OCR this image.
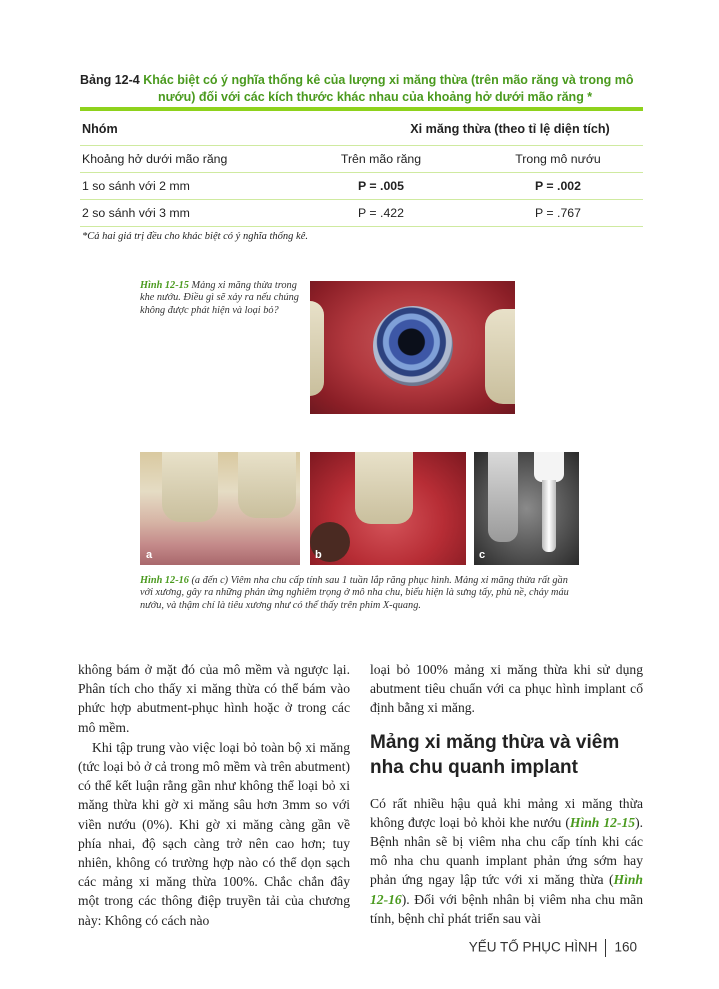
Bảng 12-4 Khác biệt có ý nghĩa thống kê của lượng xi măng thừa (trên mão răng và trong mô
nướu) đối với các kích thước khác nhau của khoảng hở dưới mão răng *
Nhóm	Xi măng thừa (theo tỉ lệ diện tích)	
Khoảng hở dưới mão răng	Trên mão răng	Trong mô nướu
1 so sánh với 2 mm	P = .005	P = .002
2 so sánh với 3 mm	P = .422	P = .767
*Cả hai giá trị đều cho khác biệt có ý nghĩa thống kê.
Hình 12-15 Mảng xi măng thừa trong khe nướu. Điều gì sẽ xảy ra nếu chúng không được phát hiện và loại bỏ?
a	b	c
Hình 12-16 (a đến c) Viêm nha chu cấp tính sau 1 tuần lắp răng phục hình. Mảng xi măng thừa rất gần với xương, gây ra những phản ứng nghiêm trọng ở mô nha chu, biểu hiện là sưng tấy, phù nề, chảy máu nướu, và thậm chí là tiêu xương như có thể thấy trên phim X-quang.

không bám ở mặt đó của mô mềm và ngược lại. Phân tích cho thấy xi măng thừa có thể bám vào phức hợp abutment-phục hình hoặc ở trong các mô mềm.

Khi tập trung vào việc loại bỏ toàn bộ xi măng (tức loại bỏ ở cả trong mô mềm và trên abutment) có thể kết luận rằng gần như không thể loại bỏ xi măng thừa khi gờ xi măng sâu hơn 3mm so với viền nướu (0%). Khi gờ xi măng càng gần về phía nhai, độ sạch càng trở nên cao hơn; tuy nhiên, không có trường hợp nào có thể dọn sạch các mảng xi măng thừa 100%. Chắc chắn đây một trong các thông điệp truyền tải của chương này: Không có cách nào

loại bỏ 100% mảng xi măng thừa khi sử dụng abutment tiêu chuẩn với ca phục hình implant cố định bằng xi măng.

Mảng xi măng thừa và viêm nha chu quanh implant

Có rất nhiều hậu quả khi mảng xi măng thừa không được loại bỏ khỏi khe nướu (Hình 12-15). Bệnh nhân sẽ bị viêm nha chu cấp tính khi các mô nha chu quanh implant phản ứng sớm hay phản ứng ngay lập tức với xi măng thừa (Hình 12-16). Đối với bệnh nhân bị viêm nha chu mãn tính, bệnh chỉ phát triển sau vài

YẾU TỐ PHỤC HÌNH 160
